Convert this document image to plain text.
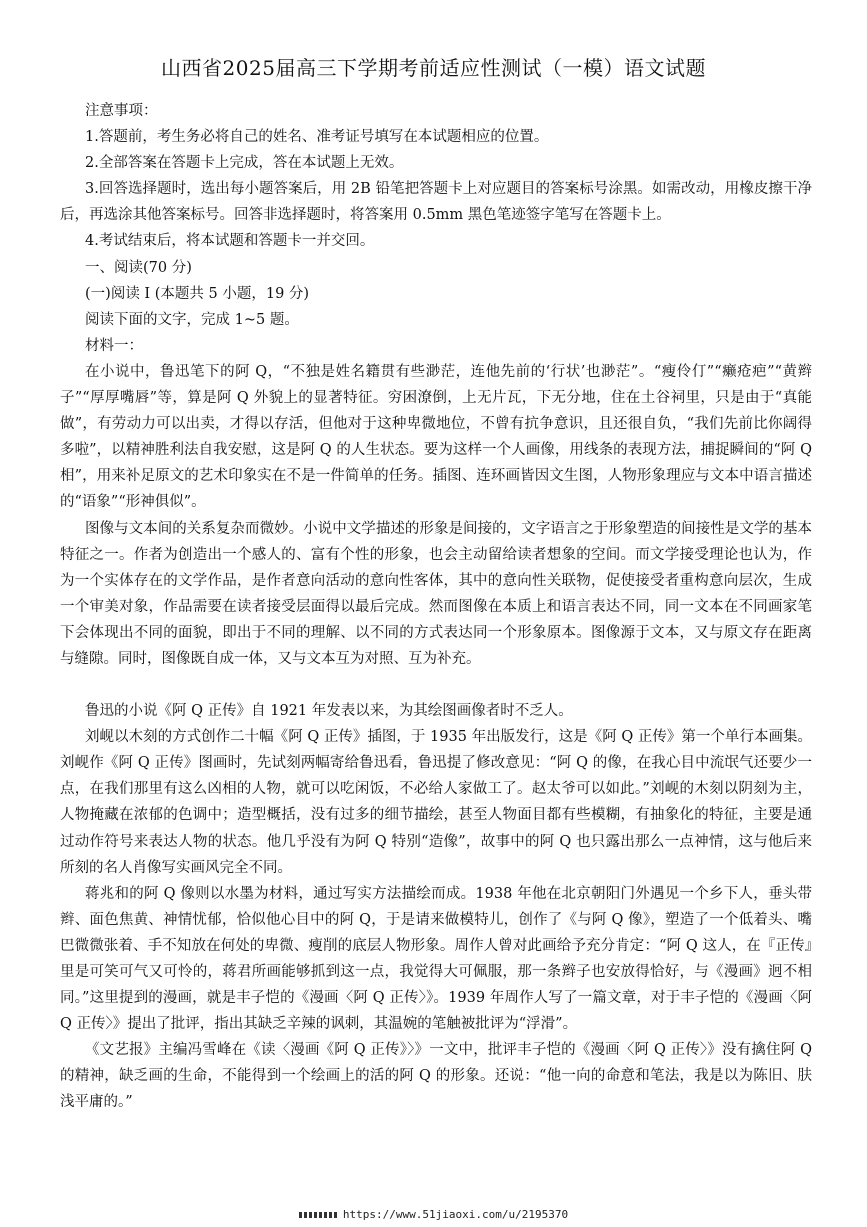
山西省2025届高三下学期考前适应性测试（一模）语文试题

注意事项：

1.答题前，考生务必将自己的姓名、准考证号填写在本试题相应的位置。

2.全部答案在答题卡上完成，答在本试题上无效。

3.回答选择题时，选出每小题答案后，用 2B 铅笔把答题卡上对应题目的答案标号涂黑。如需改动，用橡皮擦干净后，再选涂其他答案标号。回答非选择题时，将答案用 0.5mm 黑色笔迹签字笔写在答题卡上。

4.考试结束后，将本试题和答题卡一并交回。

一、阅读(70 分)

(一)阅读 I (本题共 5 小题，19 分)

阅读下面的文字，完成 1~5 题。

材料一：

在小说中，鲁迅笔下的阿 Q，“不独是姓名籍贯有些渺茫，连他先前的‘行状’也渺茫”。“瘦伶仃”“癞疮疤”“黄辫子”“厚厚嘴唇”等，算是阿 Q 外貌上的显著特征。穷困潦倒，上无片瓦，下无分地，住在土谷祠里，只是由于“真能做”，有劳动力可以出卖，才得以存活，但他对于这种卑微地位，不曾有抗争意识，且还很自负，“我们先前比你阔得多啦”，以精神胜利法自我安慰，这是阿 Q 的人生状态。要为这样一个人画像，用线条的表现方法，捕捉瞬间的“阿 Q 相”，用来补足原文的艺术印象实在不是一件简单的任务。插图、连环画皆因文生图，人物形象理应与文本中语言描述的“语象”“形神俱似”。

图像与文本间的关系复杂而微妙。小说中文学描述的形象是间接的，文字语言之于形象塑造的间接性是文学的基本特征之一。作者为创造出一个感人的、富有个性的形象，也会主动留给读者想象的空间。而文学接受理论也认为，作为一个实体存在的文学作品，是作者意向活动的意向性客体，其中的意向性关联物，促使接受者重构意向层次，生成一个审美对象，作品需要在读者接受层面得以最后完成。然而图像在本质上和语言表达不同，同一文本在不同画家笔下会体现出不同的面貌，即出于不同的理解、以不同的方式表达同一个形象原本。图像源于文本，又与原文存在距离与缝隙。同时，图像既自成一体，又与文本互为对照、互为补充。

鲁迅的小说《阿 Q 正传》自 1921 年发表以来，为其绘图画像者时不乏人。

刘岘以木刻的方式创作二十幅《阿 Q 正传》插图，于 1935 年出版发行，这是《阿 Q 正传》第一个单行本画集。刘岘作《阿 Q 正传》图画时，先试刻两幅寄给鲁迅看，鲁迅提了修改意见：“阿 Q 的像，在我心目中流氓气还要少一点，在我们那里有这么凶相的人物，就可以吃闲饭，不必给人家做工了。赵太爷可以如此。”刘岘的木刻以阴刻为主，人物掩藏在浓郁的色调中；造型概括，没有过多的细节描绘，甚至人物面目都有些模糊，有抽象化的特征，主要是通过动作符号来表达人物的状态。他几乎没有为阿 Q 特别“造像”，故事中的阿 Q 也只露出那么一点神情，这与他后来所刻的名人肖像写实画风完全不同。

蒋兆和的阿 Q 像则以水墨为材料，通过写实方法描绘而成。1938 年他在北京朝阳门外遇见一个乡下人，垂头带辫、面色焦黄、神情忧郁，恰似他心目中的阿 Q，于是请来做模特儿，创作了《与阿 Q 像》，塑造了一个低着头、嘴巴微微张着、手不知放在何处的卑微、瘦削的底层人物形象。周作人曾对此画给予充分肯定：“阿 Q 这人，在『正传』里是可笑可气又可怜的，蒋君所画能够抓到这一点，我觉得大可佩服，那一条辫子也安放得恰好，与《漫画》迥不相同。”这里提到的漫画，就是丰子恺的《漫画〈阿 Q 正传〉》。1939 年周作人写了一篇文章，对于丰子恺的《漫画〈阿 Q 正传〉》提出了批评，指出其缺乏辛辣的讽刺，其温婉的笔触被批评为“浮滑”。

《文艺报》主编冯雪峰在《读〈漫画《阿 Q 正传》〉》一文中，批评丰子恺的《漫画〈阿 Q 正传〉》没有擒住阿 Q 的精神，缺乏画的生命，不能得到一个绘画上的活的阿 Q 的形象。还说：“他一向的命意和笔法，我是以为陈旧、肤浅平庸的。”

https://www.51jiaoxi.com/u/2195370
